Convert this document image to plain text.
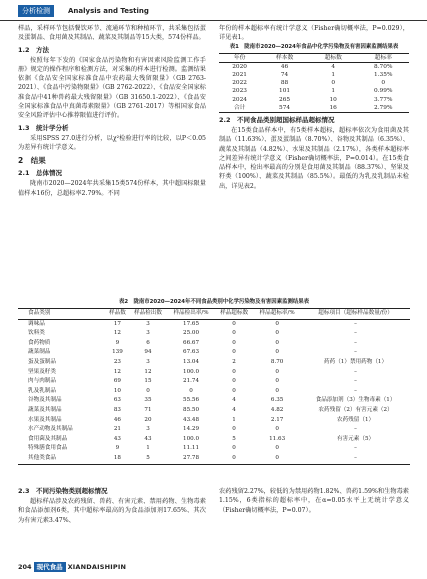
分析检测	Analysis and Testing

样品，采样环节包括餐饮环节、流通环节和种植环节，共采集包括蛋及蛋制品、食用菌及其制品、蔬菜及其制品等15大类，574份样品。

1.2　方法

按照每年下发的《国家食品污染物和有害因素风险监测工作手册》规定的操作程序和检测方法，对采集的样本进行检测。监测结果依据《食品安全国家标准食品中农药最大残留限量》（GB 2763-2021）、《食品中污染物限量》（GB 2762-2022）、《食品安全国家标准食品中41种兽药最大残留限量》（GB 31650.1-2022）、《食品安全国家标准食品中真菌毒素限量》（GB 2761-2017）等相国家食品安全风险评估中心推荐限值进行评价。

1.3　统计学分析

采用SPSS 27.0进行分析，以χ²检验进行率的比较，以P＜0.05为差异有统计学意义。

2　结果
2.1　总体情况

陇南市2020—2024年共采集15类574份样本，其中超国标限量值样本16份，总超标率2.79%。不同

年份的样本超标率有统计学意义（Fisher确切概率法，P=0.029），详见表1。

表1　陇南市2020—2024年食品中化学污染物及有害因素监测结果表
年份	样本数	超标数	超标率
2020	46	4	8.70%
2021	74	1	1.35%
2022	88	0	0
2023	101	1	0.99%
2024	265	10	3.77%
合计	574	16	2.79%
2.2　不同食品类别超国标样品超标情况

在15类食品样本中，有5类样本超标，超标率依次为食用菌及其制品（11.63%）、蛋及蛋制品（8.70%）、谷物及其制品（6.35%）、蔬菜及其制品（4.82%）、水果及其制品（2.17%），各类样本超标率之间差异有统计学意义（Fisher确切概率法，P=0.014）。在15类食品样本中，检出率最高的分别是食用菌及其制品（88.37%）、坚果及籽类（100%）、蔬菜及其制品（85.5%）。最低的为乳及乳制品未检出，详见表2。

表2　陇南市2020—2024年不同食品类别中化学污染物及有害因素监测结果表
食品类别	样品数	样品检出数	样品检出率/%	样品超标数	样品超标率/%	超标项目（超标样品数量/份）
调味品	17	3	17.65	0	0	–
饮料类	12	3	25.00	0	0	–
食药物质	9	6	66.67	0	0	–
蔬菜制品	139	94	67.63	0	0	–
蛋及蛋制品	23	3	13.04	2	8.70	药药（1）禁用药物（1）
坚果及籽类	12	12	100.0	0	0	–
肉与肉制品	69	15	21.74	0	0	–
乳及乳制品	10	0	0	0	0	–
谷物及其制品	63	35	55.56	4	6.35	食品添加剂（3）生物毒素（1）
蔬菜及其制品	83	71	85.50	4	4.82	农药残留（2）有害元素（2）
水果及其制品	46	20	43.48	1	2.17	农药残留（1）
水产动物及其制品	21	3	14.29	0	0	–
食用菌及其制品	43	43	100.0	5	11.63	有害元素（5）
特殊膳食用食品	9	1	11.11	0	0	–
其他类食品	18	5	27.78	0	0	–
2.3　不同污染物类别超标情况

超标样品涉及农药残留、兽药、有害元素、禁用药物、生物毒素和食品添加剂6类，其中超标率最高的为食品添加剂17.65%、其次为有害元素3.47%、

农药残留2.27%，较低的为禁用药物1.82%、兽药1.59%和生物毒素1.15%，6类指标的超标率中，在α=0.05水平上无统计学意义（Fisher确切概率法，P=0.07）。

204 现代食品 XIANDAISHIPIN
